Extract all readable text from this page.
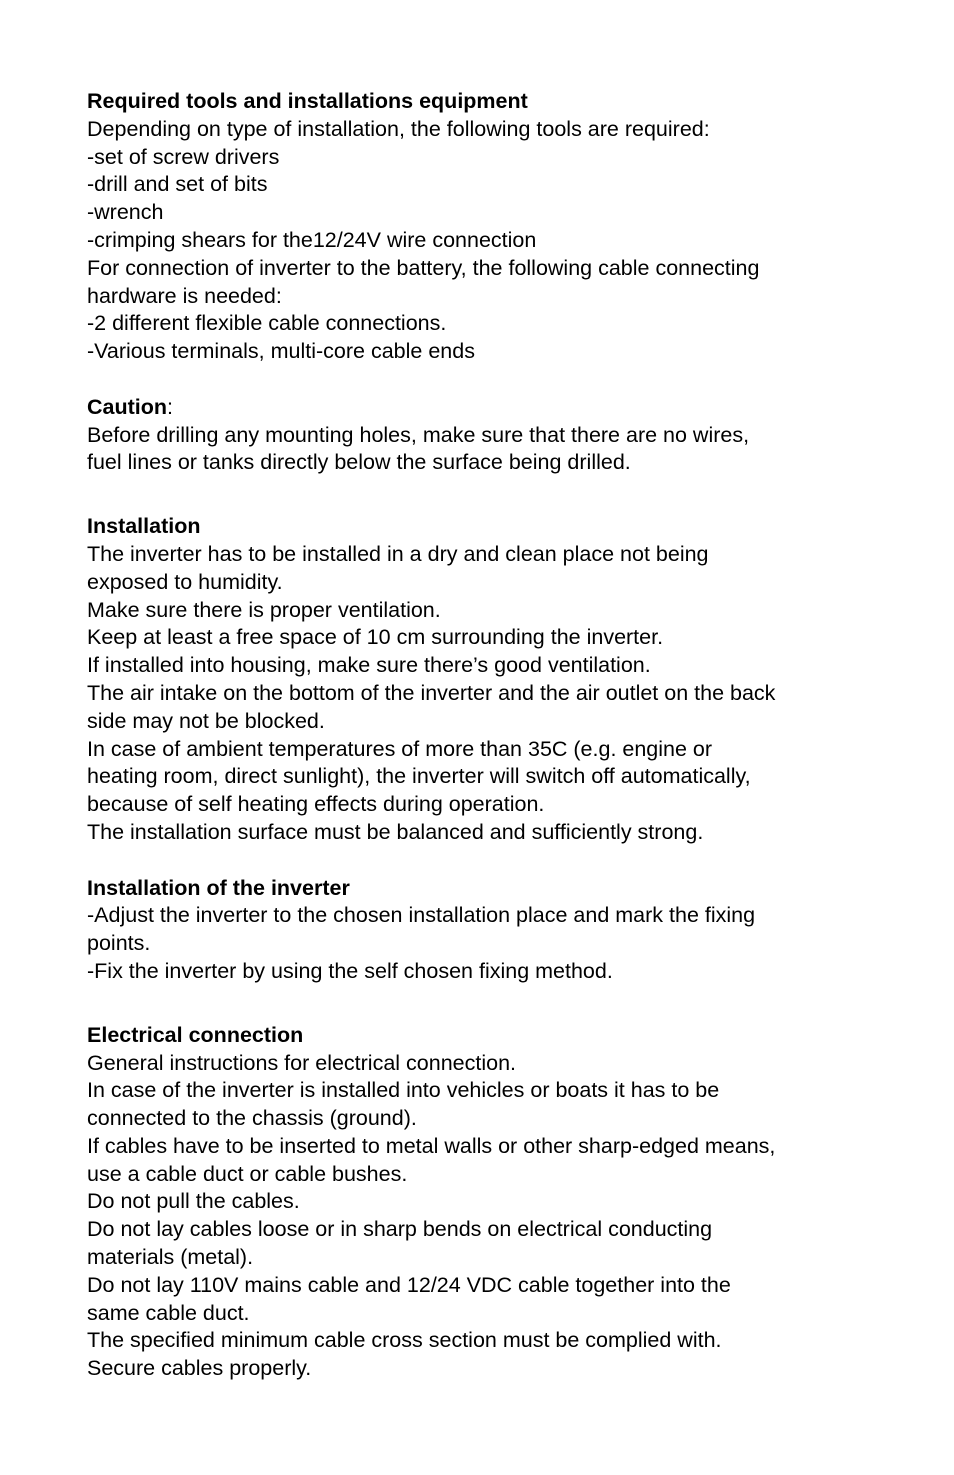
Required tools and installations equipment
Depending on type of installation, the following tools are required:
-set of screw drivers
-drill and set of bits
-wrench
-crimping shears for the12/24V wire connection
For connection of inverter to the battery, the following cable connecting
hardware is needed:
-2 different flexible cable connections.
-Various terminals, multi-core cable ends
Caution:
Before drilling any mounting holes, make sure that there are no wires,
fuel lines or tanks directly below the surface being drilled.
Installation
The inverter has to be installed in a dry and clean place not being
exposed to humidity.
Make sure there is proper ventilation.
Keep at least a free space of 10 cm surrounding the inverter.
If installed into housing, make sure there’s good ventilation.
The air intake on the bottom of the inverter and the air outlet on the back
side may not be blocked.
In case of ambient temperatures of more than 35C (e.g. engine or
heating room, direct sunlight), the inverter will switch off automatically,
because of self heating effects during operation.
The installation surface must be balanced and sufficiently strong.
Installation of the inverter
-Adjust the inverter to the chosen installation place and mark the fixing
points.
-Fix the inverter by using the self chosen fixing method.
Electrical connection
General instructions for electrical connection.
In case of the inverter is installed into vehicles or boats it has to be
connected to the chassis (ground).
If cables have to be inserted to metal walls or other sharp-edged means,
use a cable duct or cable bushes.
Do not pull the cables.
Do not lay cables loose or in sharp bends on electrical conducting
materials (metal).
Do not lay 110V mains cable and 12/24 VDC cable together into the
same cable duct.
The specified minimum cable cross section must be complied with.
Secure cables properly.
